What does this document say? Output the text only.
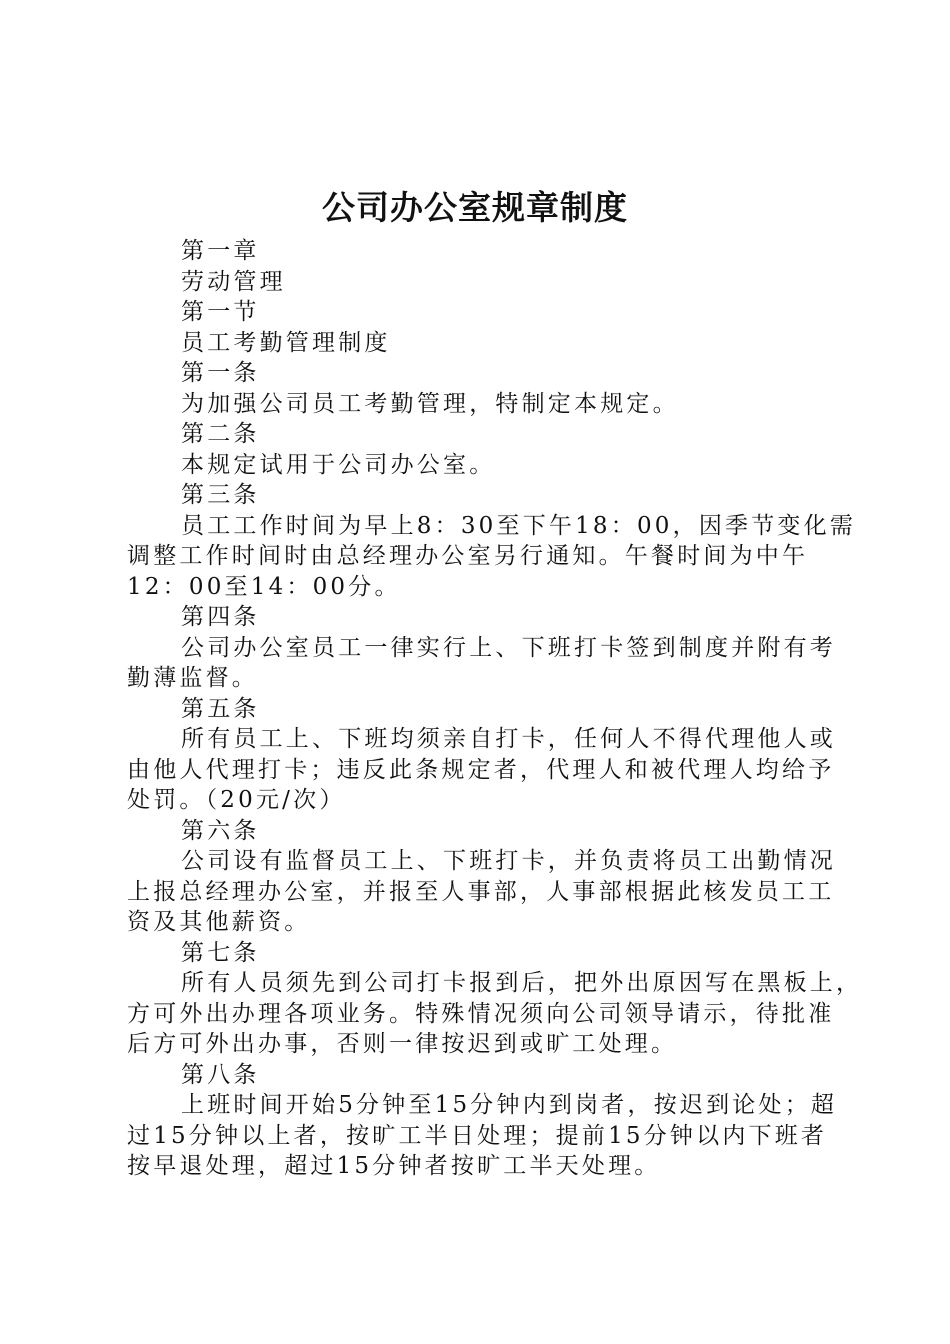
公司办公室规章制度
第一章
劳动管理
第一节
员工考勤管理制度
第一条
为加强公司员工考勤管理，特制定本规定。
第二条
本规定试用于公司办公室。
第三条
员工工作时间为早上8：30至下午18：00，因季节变化需
调整工作时间时由总经理办公室另行通知。午餐时间为中午
12：00至14：00分。
第四条
公司办公室员工一律实行上、下班打卡签到制度并附有考
勤薄监督。
第五条
所有员工上、下班均须亲自打卡，任何人不得代理他人或
由他人代理打卡；违反此条规定者，代理人和被代理人均给予
处罚。（20元/次）
第六条
公司设有监督员工上、下班打卡，并负责将员工出勤情况
上报总经理办公室，并报至人事部，人事部根据此核发员工工
资及其他薪资。
第七条
所有人员须先到公司打卡报到后，把外出原因写在黑板上，
方可外出办理各项业务。特殊情况须向公司领导请示，待批准
后方可外出办事，否则一律按迟到或旷工处理。
第八条
上班时间开始5分钟至15分钟内到岗者，按迟到论处；超
过15分钟以上者，按旷工半日处理；提前15分钟以内下班者
按早退处理，超过15分钟者按旷工半天处理。
